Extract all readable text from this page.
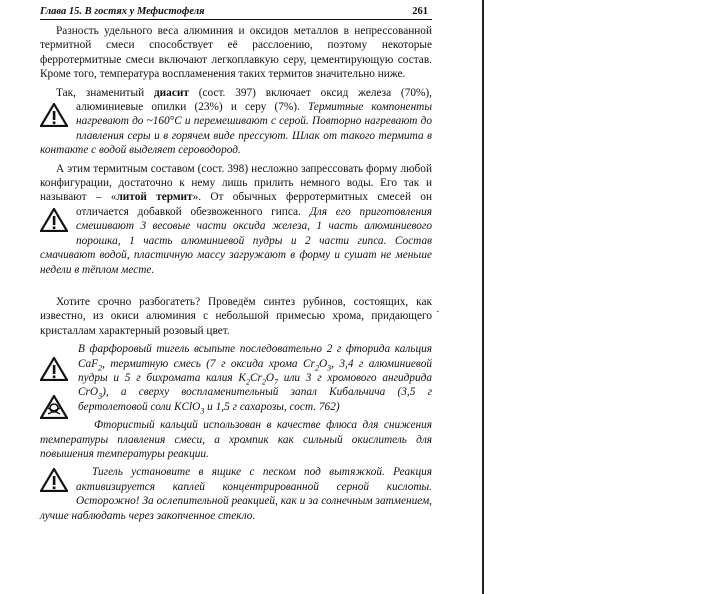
Глава 15. В гостях у Мефистофеля	261

Разность удельного веса алюминия и оксидов металлов в непрессованной термитной смеси способствует её расслоению, поэтому некоторые ферротермитные смеси включают легкоплавкую серу, цементирующую состав. Кроме того, температура воспламенения таких термитов значительно ниже.

Так, знаменитый диасит (сост. 397) включает оксид железа (70%), алюминиевые опилки (23%) и серу (7%).
Термитные компоненты нагревают до ~160°С и перемешивают с серой. Повторно нагревают до плавления серы и в горячем виде прессуют. Шлак от такого термита в контакте с водой выделяет сероводород.

А этим термитным составом (сост. 398) несложно запрессовать форму любой конфигурации, достаточно к нему лишь прилить немного воды. Его так и называют – «литой термит». От обычных ферротермитных смесей он отличается добавкой обезвоженного гипса.
Для его приготовления смешивают 3 весовые части оксида железа, 1 часть алюминиевого порошка, 1 часть алюминиевой пудры и 2 части гипса. Состав смачивают водой, пластичную массу загружают в форму и сушат не меньше недели в тёплом месте.

Хотите срочно разбогатеть? Проведём синтез рубинов, состоящих, как известно, из окиси алюминия с небольшой примесью хрома, придающего кристаллам характерный розовый цвет.

В фарфоровый тигель всыпьте последовательно 2 г фторида кальция CaF$_2$, термитную смесь (7 г оксида хрома $Cr_2O_3$, 3,4 г алюминиевой пудры и 5 г бихромата калия $K_2Cr_2O_7$ или 3 г хромового ангидрида CrO$_3$), а сверху воспламенительный запал Кибальчича (3,5 г бертолетовой соли KClO$_3$ и 1,5 г сахарозы, сост. 762)

Фтористый кальций использован в качестве флюса для снижения температуры плавления смеси, а хромпик как сильный окислитель для повышения температуры реакции.

Тигель установите в ящике с песком под вытяжкой. Реакция активизируется каплей концентрированной серной кислоты. Осторожно! За ослепительной реакцией, как и за солнечным затмением, лучше наблюдать через закопченное стекло.

·
